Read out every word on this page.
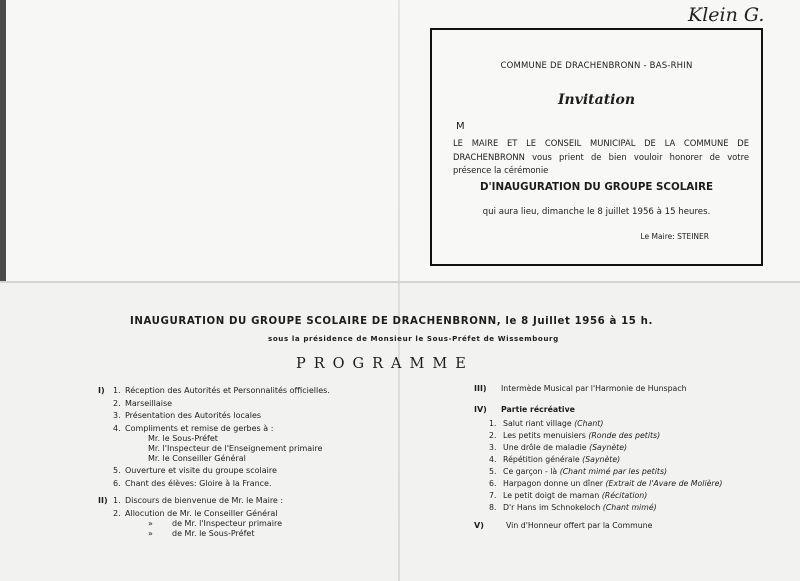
Klein G.
COMMUNE DE DRACHENBRONN - BAS-RHIN
Invitation
M
LE MAIRE ET LE CONSEIL MUNICIPAL DE LA COMMUNE DE DRACHENBRONN vous prient de bien vouloir honorer de votre présence la cérémonie
D'INAUGURATION DU GROUPE SCOLAIRE
qui aura lieu, dimanche le 8 juillet 1956 à 15 heures.
Le Maire: STEINER
INAUGURATION DU GROUPE SCOLAIRE DE DRACHENBRONN, le 8 Juillet 1956 à 15 h.
sous la présidence de Monsieur le Sous-Préfet de Wissembourg
PROGRAMME
I) 1. Réception des Autorités et Personnalités officielles.
2. Marseillaise
3. Présentation des Autorités locales
4. Compliments et remise de gerbes à :
Mr. le Sous-Préfet
Mr. l'Inspecteur de l'Enseignement primaire
Mr. le Conseiller Général
5. Ouverture et visite du groupe scolaire
6. Chant des élèves: Gloire à la France.
II) 1. Discours de bienvenue de Mr. le Maire :
2. Allocution de Mr. le Conseiller Général
» de Mr. l'Inspecteur primaire
» de Mr. le Sous-Préfet
III) Intermède Musical par l'Harmonie de Hunspach
IV) Partie récréative
1. Salut riant village (Chant)
2. Les petits menuisiers (Ronde des petits)
3. Une drôle de maladie (Saynète)
4. Répétition générale (Saynète)
5. Ce garçon - là (Chant mimé par les petits)
6. Harpagon donne un dîner (Extrait de l'Avare de Molière)
7. Le petit doigt de maman (Récitation)
8. D'r Hans im Schnokeloch (Chant mimé)
V)	Vin d'Honneur offert par la Commune
